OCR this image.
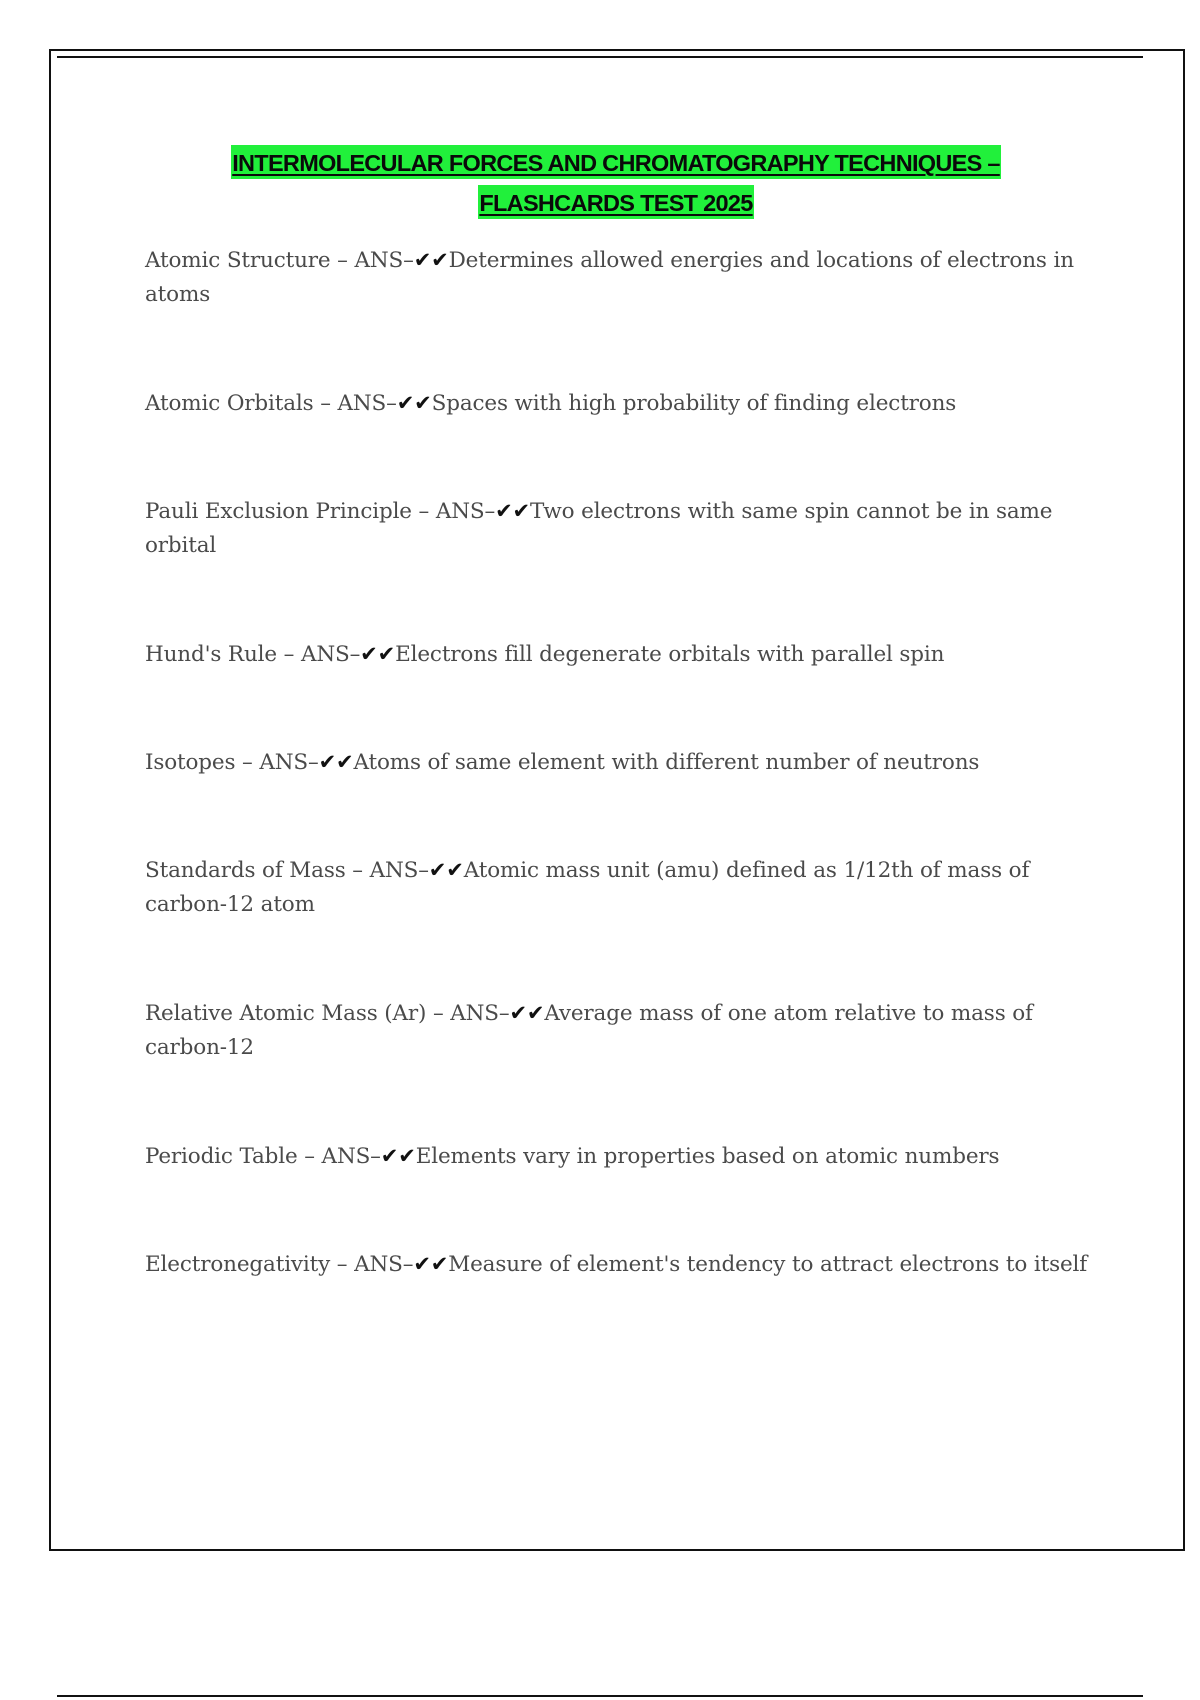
INTERMOLECULAR FORCES AND CHROMATOGRAPHY TECHNIQUES –
FLASHCARDS TEST 2025
Atomic Structure – ANS–✔✔Determines allowed energies and locations of electrons in atoms
Atomic Orbitals – ANS–✔✔Spaces with high probability of finding electrons
Pauli Exclusion Principle – ANS–✔✔Two electrons with same spin cannot be in same orbital
Hund's Rule – ANS–✔✔Electrons fill degenerate orbitals with parallel spin
Isotopes – ANS–✔✔Atoms of same element with different number of neutrons
Standards of Mass – ANS–✔✔Atomic mass unit (amu) defined as 1/12th of mass of carbon-12 atom
Relative Atomic Mass (Ar) – ANS–✔✔Average mass of one atom relative to mass of carbon-12
Periodic Table – ANS–✔✔Elements vary in properties based on atomic numbers
Electronegativity – ANS–✔✔Measure of element's tendency to attract electrons to itself
